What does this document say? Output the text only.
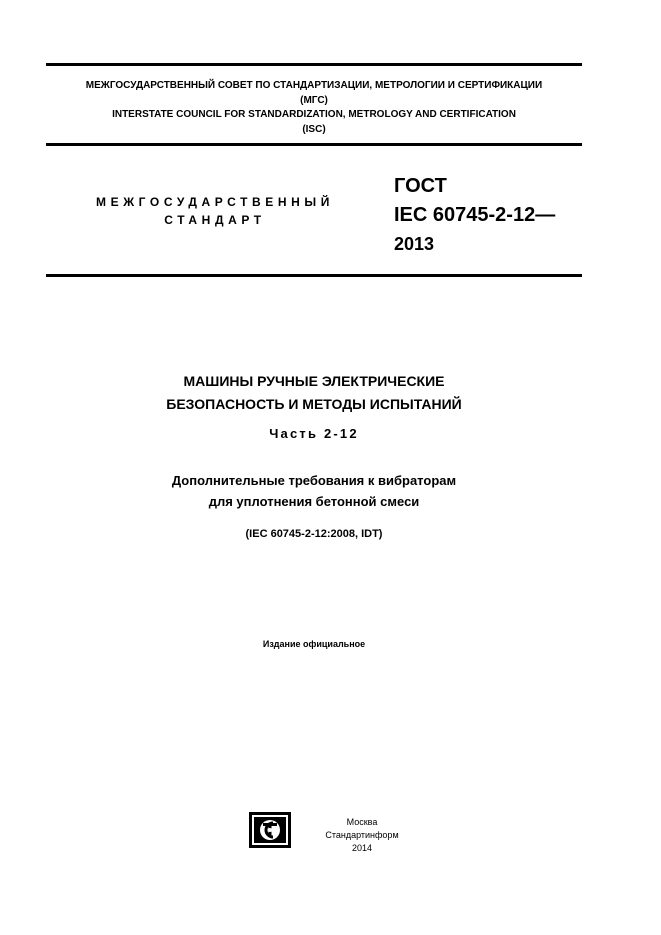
МЕЖГОСУДАРСТВЕННЫЙ СОВЕТ ПО СТАНДАРТИЗАЦИИ, МЕТРОЛОГИИ И СЕРТИФИКАЦИИ
(МГС)
INTERSTATE COUNCIL FOR STANDARDIZATION, METROLOGY AND CERTIFICATION
(ISC)
МЕЖГОСУДАРСТВЕННЫЙ
СТАНДАРТ
ГОСТ
IEC 60745-2-12—
2013
МАШИНЫ РУЧНЫЕ ЭЛЕКТРИЧЕСКИЕ
БЕЗОПАСНОСТЬ И МЕТОДЫ ИСПЫТАНИЙ
Часть 2-12
Дополнительные требования к вибраторам
для уплотнения бетонной смеси
(IEC 60745-2-12:2008, IDT)
Издание официальное
Москва
Стандартинформ
2014
